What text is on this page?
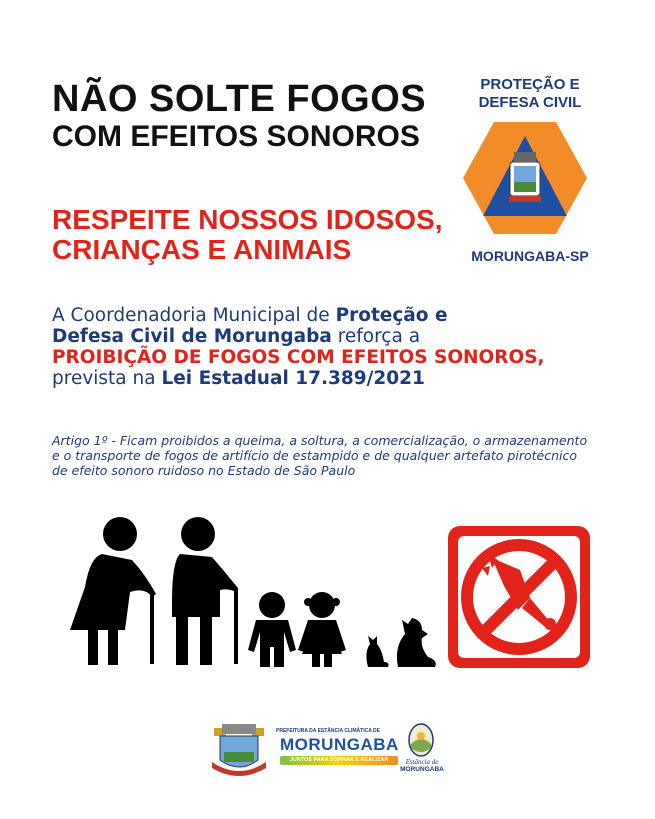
NÃO SOLTE FOGOS
COM EFEITOS SONOROS
RESPEITE NOSSOS IDOSOS,
CRIANÇAS E ANIMAIS
PROTEÇÃO E
DEFESA CIVIL
MORUNGABA-SP
A Coordenadoria Municipal de Proteção e
Defesa Civil de Morungaba reforça a
PROIBIÇÃO DE FOGOS COM EFEITOS SONOROS,
prevista na Lei Estadual 17.389/2021
Artigo 1º - Ficam proibidos a queima, a soltura, a comercialização, o armazenamento e o transporte de fogos de artifício de estampido e de qualquer artefato pirotécnico de efeito sonoro ruidoso no Estado de São Paulo
PREFEITURA DA ESTÂNCIA CLIMÁTICA DE
MORUNGABA
JUNTOS PARA SONHAR E REALIZAR	Estância de
MORUNGABA
